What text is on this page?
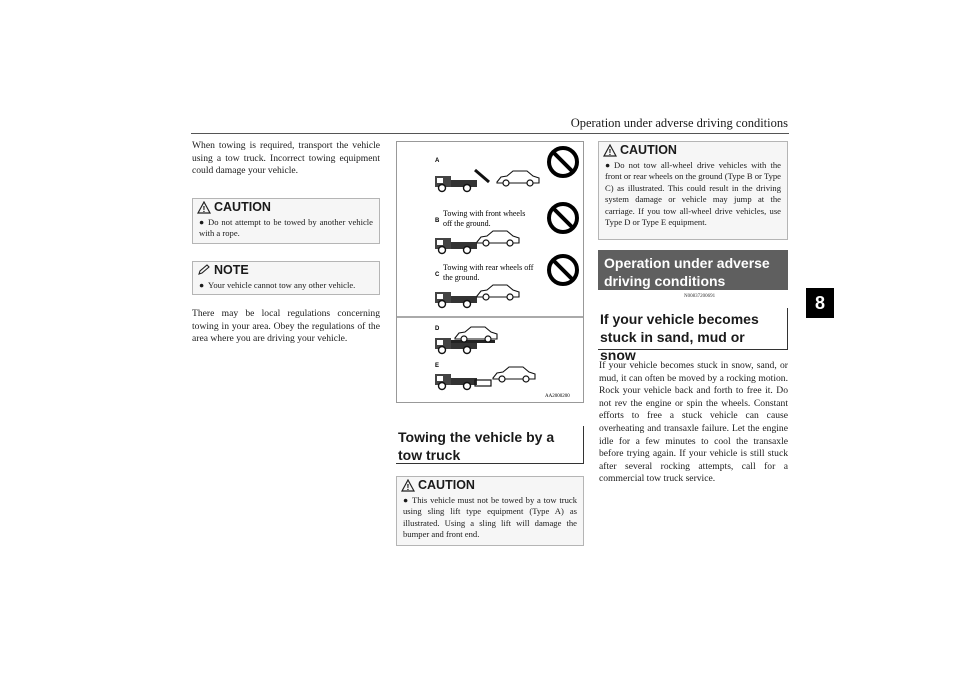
Operation under adverse driving conditions

8
When towing is required, transport the vehicle using a tow truck. Incorrect towing equipment could damage your vehicle.
! CAUTION
● Do not attempt to be towed by another vehicle with a rope.
NOTE
● Your vehicle cannot tow any other vehicle.
There may be local regulations concerning towing in your area. Obey the regulations of the area where you are driving your vehicle.
A
B
Towing with front wheels
off the ground.
C
Towing with rear wheels off
the ground.
D
E
AA2000200
Towing the vehicle by a tow truck
! CAUTION
● This vehicle must not be towed by a tow truck using sling lift type equipment (Type A) as illustrated. Using a sling lift will damage the bumper and front end.
! CAUTION
● Do not tow all-wheel drive vehicles with the front or rear wheels on the ground (Type B or Type C) as illustrated. This could result in the driving system damage or vehicle may jump at the carriage. If you tow all-wheel drive vehicles, use Type D or Type E equipment.
Operation under adverse driving conditions
N00837200691
If your vehicle becomes stuck in sand, mud or snow
If your vehicle becomes stuck in snow, sand, or mud, it can often be moved by a rocking motion. Rock your vehicle back and forth to free it. Do not rev the engine or spin the wheels. Constant efforts to free a stuck vehicle can cause overheating and transaxle failure. Let the engine idle for a few minutes to cool the transaxle before trying again. If your vehicle is still stuck after several rocking attempts, call for a commercial tow truck service.
